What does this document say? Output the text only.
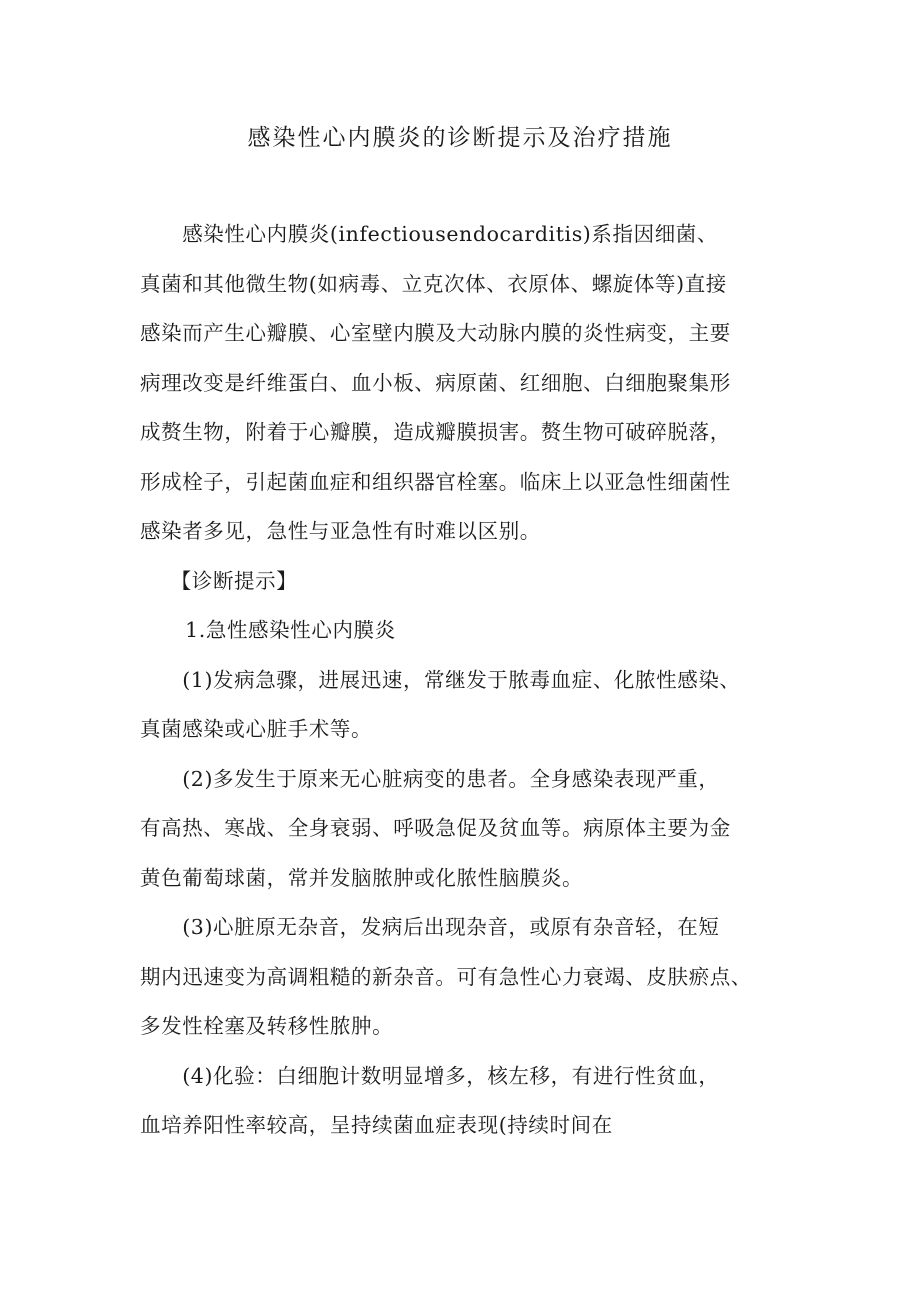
感染性心内膜炎的诊断提示及治疗措施

　　感染性心内膜炎(infectiousendocarditis)系指因细菌、

真菌和其他微生物(如病毒、立克次体、衣原体、螺旋体等)直接

感染而产生心瓣膜、心室壁内膜及大动脉内膜的炎性病变，主要

病理改变是纤维蛋白、血小板、病原菌、红细胞、白细胞聚集形

成赘生物，附着于心瓣膜，造成瓣膜损害。赘生物可破碎脱落，

形成栓子，引起菌血症和组织器官栓塞。临床上以亚急性细菌性

感染者多见，急性与亚急性有时难以区别。

【诊断提示】

1.急性感染性心内膜炎

　　(1)发病急骤，进展迅速，常继发于脓毒血症、化脓性感染、

真菌感染或心脏手术等。

　　(2)多发生于原来无心脏病变的患者。全身感染表现严重，

有高热、寒战、全身衰弱、呼吸急促及贫血等。病原体主要为金

黄色葡萄球菌，常并发脑脓肿或化脓性脑膜炎。

　　(3)心脏原无杂音，发病后出现杂音，或原有杂音轻，在短

期内迅速变为高调粗糙的新杂音。可有急性心力衰竭、皮肤瘀点、

多发性栓塞及转移性脓肿。

　　(4)化验：白细胞计数明显增多，核左移，有进行性贫血，

血培养阳性率较高，呈持续菌血症表现(持续时间在
